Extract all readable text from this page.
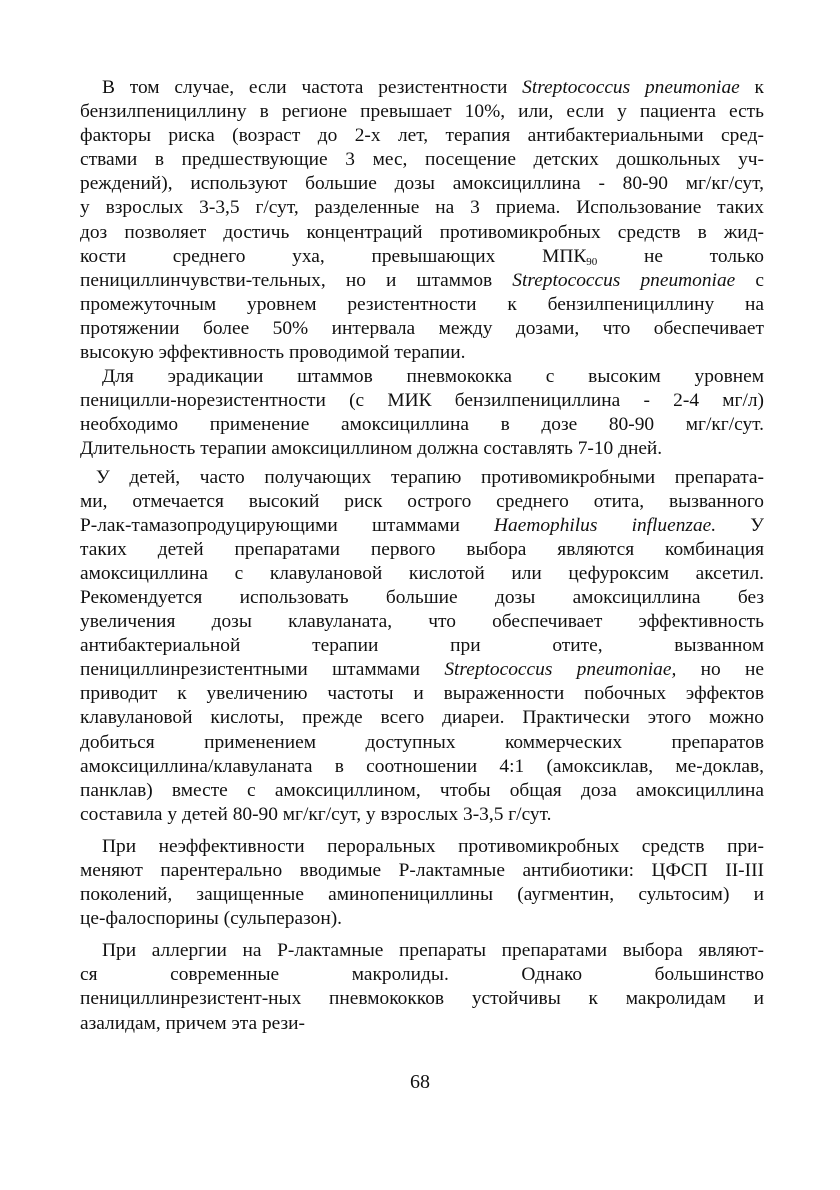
В том случае, если частота резистентности Streptococcus pneumoniae к
бензилпенициллину в регионе превышает 10%, или, если у пациента есть
факторы риска (возраст до 2-х лет, терапия антибактериальными сред-
ствами в предшествующие 3 мес, посещение детских дошкольных уч-
реждений), используют большие дозы амоксициллина - 80-90 мг/кг/сут,
у взрослых 3-3,5 г/сут, разделенные на 3 приема. Использование таких
доз позволяет достичь концентраций противомикробных средств в жид-
кости среднего уха, превышающих $МПК_{90}$ не только
пенициллинчувстви-тельных, но и штаммов Streptococcus pneumoniae с
промежуточным уровнем резистентности к бензилпенициллину на
протяжении более 50% интервала между дозами, что обеспечивает
высокую эффективность проводимой терапии.
Для эрадикации штаммов пневмококка с высоким уровнем
пеницилли-норезистентности (с МИК бензилпенициллина - 2-4 мг/л)
необходимо применение амоксициллина в дозе 80-90 мг/кг/сут.
Длительность терапии амоксициллином должна составлять 7-10 дней.
У детей, часто получающих терапию противомикробными препарата-
ми, отмечается высокий риск острого среднего отита, вызванного
Р-лак-тамазопродуцирующими штаммами Haemophilus influenzae. У
таких детей препаратами первого выбора являются комбинация
амоксициллина с клавулановой кислотой или цефуроксим аксетил.
Рекомендуется использовать большие дозы амоксициллина без
увеличения дозы клавуланата, что обеспечивает эффективность
антибактериальной терапии при отите, вызванном
пенициллинрезистентными штаммами Streptococcus pneumoniae, но не
приводит к увеличению частоты и выраженности побочных эффектов
клавулановой кислоты, прежде всего диареи. Практически этого можно
добиться применением доступных коммерческих препаратов
амоксициллина/клавуланата в соотношении 4:1 (амоксиклав, ме-доклав,
панклав) вместе с амоксициллином, чтобы общая доза амоксициллина
составила у детей 80-90 мг/кг/сут, у взрослых 3-3,5 г/сут.
При неэффективности пероральных противомикробных средств при-
меняют парентерально вводимые Р-лактамные антибиотики: ЦФСП II-III
поколений, защищенные аминопенициллины (аугментин, сультосим) и
це-фалоспорины (сульперазон).
При аллергии на Р-лактамные препараты препаратами выбора являют-
ся современные макролиды. Однако большинство
пенициллинрезистент-ных пневмококков устойчивы к макролидам и
азалидам, причем эта рези-
68
